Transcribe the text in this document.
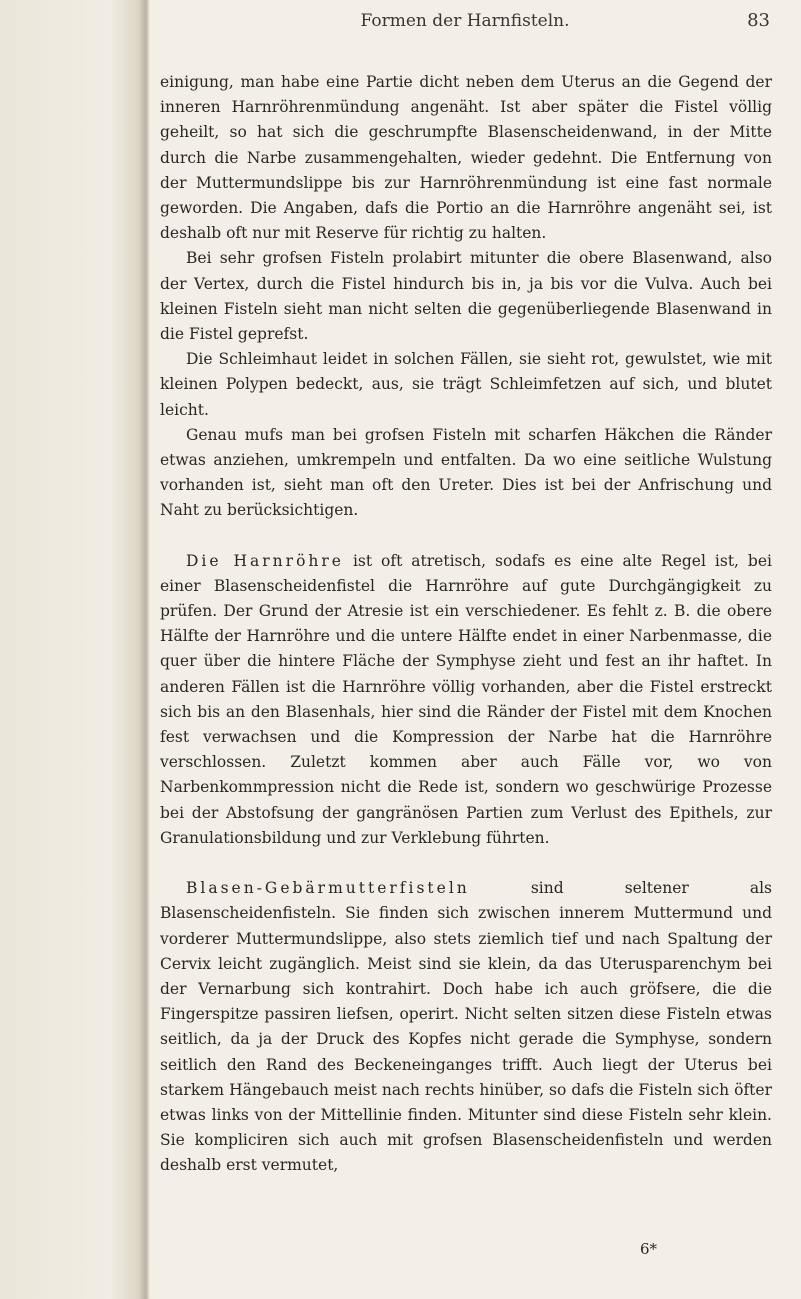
Formen der Harnfisteln.	83

einigung, man habe eine Partie dicht neben dem Uterus an die Gegend der inneren Harnröhrenmündung angenäht. Ist aber später die Fistel völlig geheilt, so hat sich die geschrumpfte Blasenscheidenwand, in der Mitte durch die Narbe zusammengehalten, wieder gedehnt. Die Entfernung von der Muttermundslippe bis zur Harnröhrenmündung ist eine fast normale geworden. Die Angaben, dafs die Portio an die Harnröhre angenäht sei, ist deshalb oft nur mit Reserve für richtig zu halten.

Bei sehr grofsen Fisteln prolabirt mitunter die obere Blasenwand, also der Vertex, durch die Fistel hindurch bis in, ja bis vor die Vulva. Auch bei kleinen Fisteln sieht man nicht selten die gegenüberliegende Blasenwand in die Fistel geprefst.

Die Schleimhaut leidet in solchen Fällen, sie sieht rot, gewulstet, wie mit kleinen Polypen bedeckt, aus, sie trägt Schleimfetzen auf sich, und blutet leicht.

Genau mufs man bei grofsen Fisteln mit scharfen Häkchen die Ränder etwas anziehen, umkrempeln und entfalten. Da wo eine seitliche Wulstung vorhanden ist, sieht man oft den Ureter. Dies ist bei der Anfrischung und Naht zu berücksichtigen.

Die Harnröhre ist oft atretisch, sodafs es eine alte Regel ist, bei einer Blasenscheidenfistel die Harnröhre auf gute Durchgängigkeit zu prüfen. Der Grund der Atresie ist ein verschiedener. Es fehlt z. B. die obere Hälfte der Harnröhre und die untere Hälfte endet in einer Narbenmasse, die quer über die hintere Fläche der Symphyse zieht und fest an ihr haftet. In anderen Fällen ist die Harnröhre völlig vorhanden, aber die Fistel erstreckt sich bis an den Blasenhals, hier sind die Ränder der Fistel mit dem Knochen fest verwachsen und die Kompression der Narbe hat die Harnröhre verschlossen. Zuletzt kommen aber auch Fälle vor, wo von Narbenkommpression nicht die Rede ist, sondern wo geschwürige Prozesse bei der Abstofsung der gangränösen Partien zum Verlust des Epithels, zur Granulationsbildung und zur Verklebung führten.

Blasen-Gebärmutterfisteln sind seltener als Blasenscheidenfisteln. Sie finden sich zwischen innerem Muttermund und vorderer Muttermundslippe, also stets ziemlich tief und nach Spaltung der Cervix leicht zugänglich. Meist sind sie klein, da das Uterusparenchym bei der Vernarbung sich kontrahirt. Doch habe ich auch gröfsere, die die Fingerspitze passiren liefsen, operirt. Nicht selten sitzen diese Fisteln etwas seitlich, da ja der Druck des Kopfes nicht gerade die Symphyse, sondern seitlich den Rand des Beckeneinganges trifft. Auch liegt der Uterus bei starkem Hängebauch meist nach rechts hinüber, so dafs die Fisteln sich öfter etwas links von der Mittellinie finden. Mitunter sind diese Fisteln sehr klein. Sie kompliciren sich auch mit grofsen Blasenscheidenfisteln und werden deshalb erst vermutet,

6*
